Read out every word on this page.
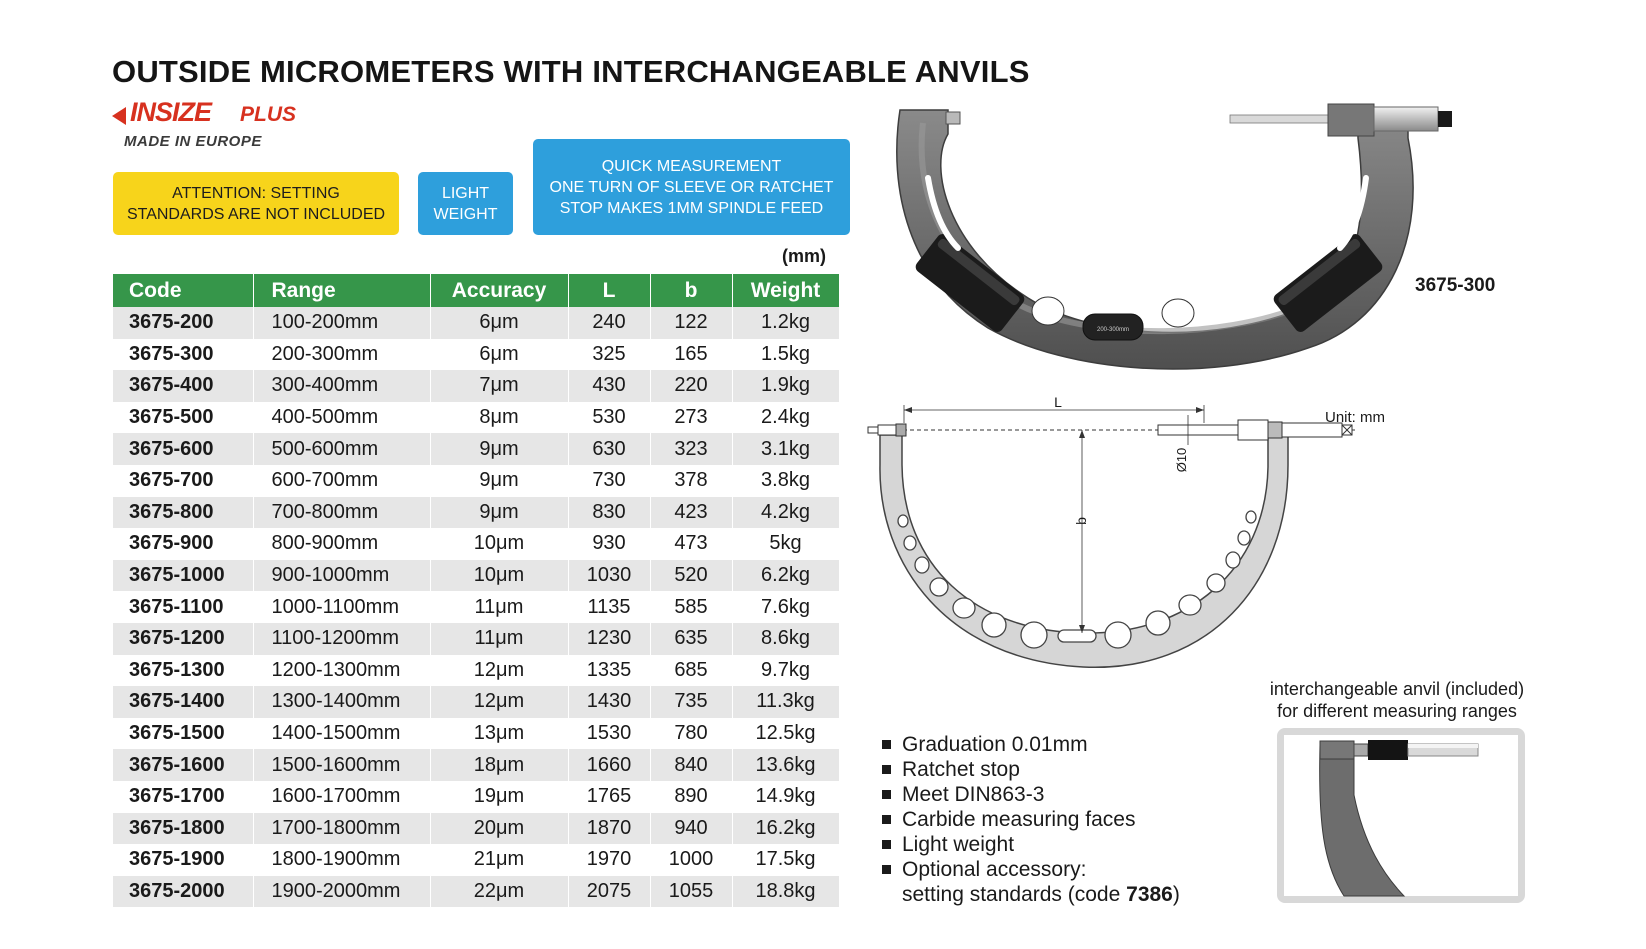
OUTSIDE MICROMETERS WITH INTERCHANGEABLE ANVILS
INSIZE PLUS
MADE IN EUROPE
ATTENTION: SETTING
STANDARDS ARE NOT INCLUDED
LIGHT
WEIGHT
QUICK MEASUREMENT
ONE TURN OF SLEEVE OR RATCHET
STOP MAKES 1MM SPINDLE FEED
(mm)
Code	Range	Accuracy	L	b	Weight
3675-200	100-200mm	6μm	240	122	1.2kg
3675-300	200-300mm	6μm	325	165	1.5kg
3675-400	300-400mm	7μm	430	220	1.9kg
3675-500	400-500mm	8μm	530	273	2.4kg
3675-600	500-600mm	9μm	630	323	3.1kg
3675-700	600-700mm	9μm	730	378	3.8kg
3675-800	700-800mm	9μm	830	423	4.2kg
3675-900	800-900mm	10μm	930	473	5kg
3675-1000	900-1000mm	10μm	1030	520	6.2kg
3675-1100	1000-1100mm	11μm	1135	585	7.6kg
3675-1200	1100-1200mm	11μm	1230	635	8.6kg
3675-1300	1200-1300mm	12μm	1335	685	9.7kg
3675-1400	1300-1400mm	12μm	1430	735	11.3kg
3675-1500	1400-1500mm	13μm	1530	780	12.5kg
3675-1600	1500-1600mm	18μm	1660	840	13.6kg
3675-1700	1600-1700mm	19μm	1765	890	14.9kg
3675-1800	1700-1800mm	20μm	1870	940	16.2kg
3675-1900	1800-1900mm	21μm	1970	1000	17.5kg
3675-2000	1900-2000mm	22μm	2075	1055	18.8kg
200-300mm
3675-300
L
b
Ø10
Unit: mm
Graduation 0.01mm
Ratchet stop
Meet DIN863-3
Carbide measuring faces
Light weight
Optional accessory:
setting standards (code 7386)
interchangeable anvil (included)
for different measuring ranges
